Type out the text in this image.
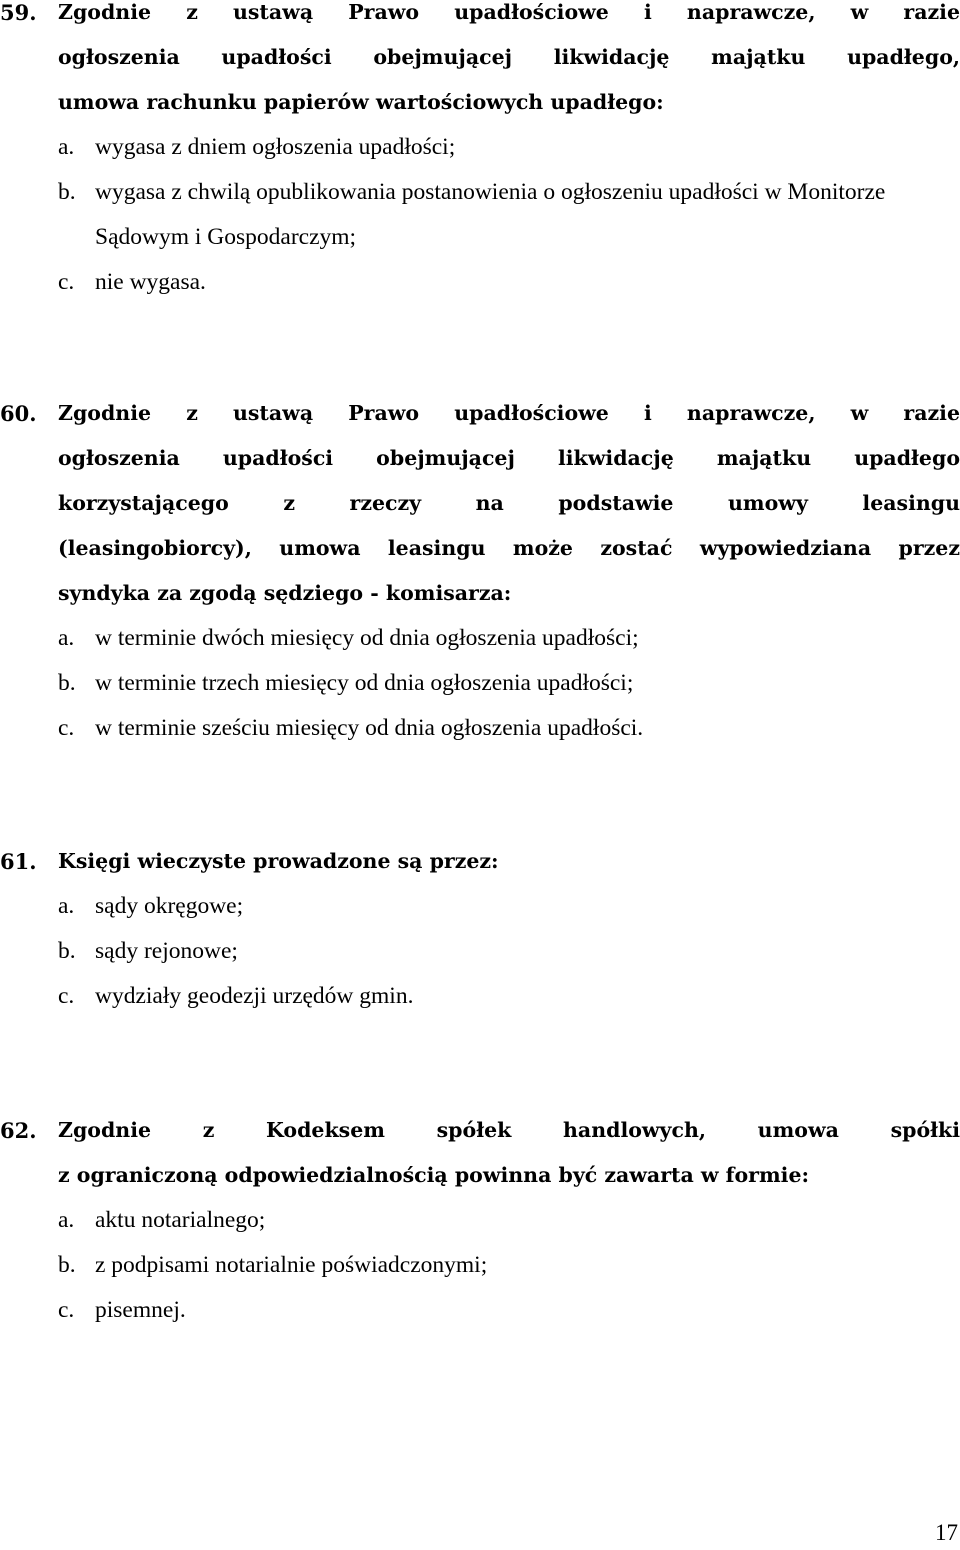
59. Zgodnie z ustawą Prawo upadłościowe i naprawcze, w razie
ogłoszenia upadłości obejmującej likwidację majątku upadłego,
umowa rachunku papierów wartościowych upadłego:
a. wygasa z dniem ogłoszenia upadłości;
b. wygasa z chwilą opublikowania postanowienia o ogłoszeniu upadłości w Monitorze Sądowym i Gospodarczym;
c. nie wygasa.
60. Zgodnie z ustawą Prawo upadłościowe i naprawcze, w razie
ogłoszenia upadłości obejmującej likwidację majątku upadłego
korzystającego z rzeczy na podstawie umowy leasingu
(leasingobiorcy), umowa leasingu może zostać wypowiedziana przez
syndyka za zgodą sędziego - komisarza:
a. w terminie dwóch miesięcy od dnia ogłoszenia upadłości;
b. w terminie trzech miesięcy od dnia ogłoszenia upadłości;
c. w terminie sześciu miesięcy od dnia ogłoszenia upadłości.
61. Księgi wieczyste prowadzone są przez:
a. sądy okręgowe;
b. sądy rejonowe;
c. wydziały geodezji urzędów gmin.
62. Zgodnie z Kodeksem spółek handlowych, umowa spółki
z ograniczoną odpowiedzialnością powinna być zawarta w formie:
a. aktu notarialnego;
b. z podpisami notarialnie poświadczonymi;
c. pisemnej.
17
